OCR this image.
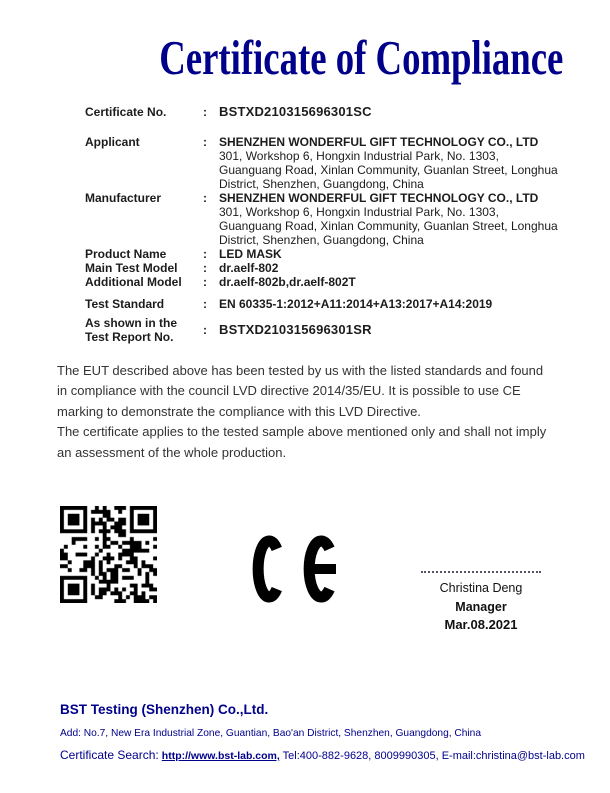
Certificate of Compliance
Certificate No.	: BSTXD210315696301SC
Applicant	:	SHENZHEN WONDERFUL GIFT TECHNOLOGY CO., LTD
301, Workshop 6, Hongxin Industrial Park, No. 1303,
Guanguang Road, Xinlan Community, Guanlan Street, Longhua
District, Shenzhen, Guangdong, China
Manufacturer	:	SHENZHEN WONDERFUL GIFT TECHNOLOGY CO., LTD
301, Workshop 6, Hongxin Industrial Park, No. 1303,
Guanguang Road, Xinlan Community, Guanlan Street, Longhua
District, Shenzhen, Guangdong, China
Product Name	:	LED MASK
Main Test Model	:	dr.aelf-802
Additional Model	:	dr.aelf-802b,dr.aelf-802T
Test Standard	:	EN 60335-1:2012+A11:2014+A13:2017+A14:2019
As shown in the
Test Report No.	: BSTXD210315696301SR
The EUT described above has been tested by us with the listed standards and found
in compliance with the council LVD directive 2014/35/EU. It is possible to use CE
marking to demonstrate the compliance with this LVD Directive.
The certificate applies to the tested sample above mentioned only and shall not imply
an assessment of the whole production.
Christina Deng
Manager
Mar.08.2021
BST Testing (Shenzhen) Co.,Ltd.
Add: No.7, New Era Industrial Zone, Guantian, Bao'an District, Shenzhen, Guangdong, China
Certificate Search: http://www.bst-lab.com, Tel:400-882-9628, 8009990305, E-mail:christina@bst-lab.com
